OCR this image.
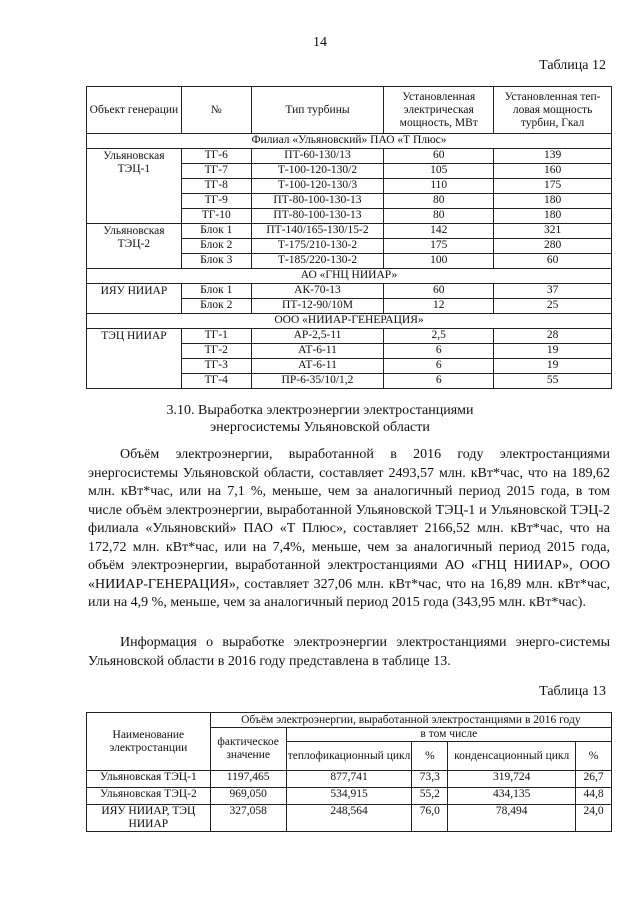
14
Таблица 12
Объект генерации	№	Тип турбины	Установленная электрическая мощность, МВт	Установленная теп-ловая мощность турбин, Гкал
Филиал «Ульяновский» ПАО «Т Плюс»				
Ульяновская ТЭЦ-1	ТГ-6	ПТ-60-130/13	60	139
	ТГ-7	Т-100-120-130/2	105	160
	ТГ-8	Т-100-120-130/3	110	175
	ТГ-9	ПТ-80-100-130-13	80	180
	ТГ-10	ПТ-80-100-130-13	80	180
Ульяновская ТЭЦ-2	Блок 1	ПТ-140/165-130/15-2	142	321
	Блок 2	Т-175/210-130-2	175	280
	Блок 3	Т-185/220-130-2	100	60
АО «ГНЦ НИИАР»				
ИЯУ НИИАР	Блок 1	АК-70-13	60	37
	Блок 2	ПТ-12-90/10М	12	25
ООО «НИИАР-ГЕНЕРАЦИЯ»				
ТЭЦ НИИАР	ТГ-1	АР-2,5-11	2,5	28
	ТГ-2	АТ-6-11	6	19
	ТГ-3	АТ-6-11	6	19
	ТГ-4	ПР-6-35/10/1,2	6	55
3.10. Выработка электроэнергии электростанциями
энергосистемы Ульяновской области
Объём электроэнергии, выработанной в 2016 году электростанциями энергосистемы Ульяновской области, составляет 2493,57 млн. кВт*час, что на 189,62 млн. кВт*час, или на 7,1 %, меньше, чем за аналогичный период 2015 года, в том числе объём электроэнергии, выработанной Ульяновской ТЭЦ-1 и Ульяновской ТЭЦ-2 филиала «Ульяновский» ПАО «Т Плюс», составляет 2166,52 млн. кВт*час, что на 172,72 млн. кВт*час, или на 7,4%, меньше, чем за аналогичный период 2015 года, объём электроэнергии, выработанной электростанциями АО «ГНЦ НИИАР», ООО «НИИАР-ГЕНЕРАЦИЯ», составляет 327,06 млн. кВт*час, что на 16,89 млн. кВт*час, или на 4,9 %, меньше, чем за аналогичный период 2015 года (343,95 млн. кВт*час).
Информация о выработке электроэнергии электростанциями энерго-системы Ульяновской области в 2016 году представлена в таблице 13.
Таблица 13
Наименование электростанции	Объём электроэнергии, выработанной электростанциями в 2016 году				
	фактическое значение	в том числе			
		теплофикационный цикл	%	конденсационный цикл	%
Ульяновская ТЭЦ-1	1197,465	877,741	73,3	319,724	26,7
Ульяновская ТЭЦ-2	969,050	534,915	55,2	434,135	44,8
ИЯУ НИИАР, ТЭЦ НИИАР	327,058	248,564	76,0	78,494	24,0
